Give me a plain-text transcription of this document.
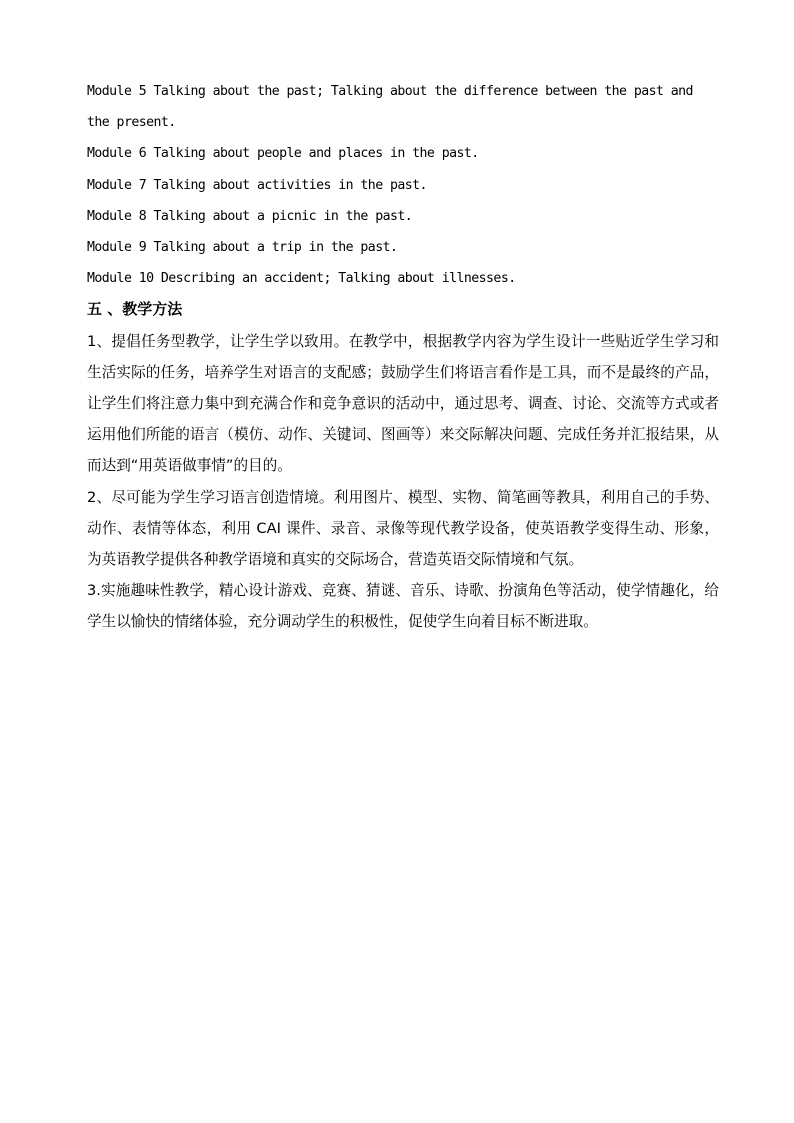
Module 5 Talking about the past; Talking about the difference between the past and the present.

Module 6 Talking about people and places in the past.

Module 7 Talking about activities in the past.

Module 8 Talking about a picnic in the past.

Module 9 Talking about a trip in the past.

Module 10 Describing an accident; Talking about illnesses.

五 、教学方法

1、提倡任务型教学，让学生学以致用。在教学中，根据教学内容为学生设计一些贴近学生学习和生活实际的任务，培养学生对语言的支配感；鼓励学生们将语言看作是工具，而不是最终的产品，让学生们将注意力集中到充满合作和竞争意识的活动中，通过思考、调查、讨论、交流等方式或者运用他们所能的语言（模仿、动作、关键词、图画等）来交际解决问题、完成任务并汇报结果，从而达到“用英语做事情”的目的。

2、尽可能为学生学习语言创造情境。利用图片、模型、实物、简笔画等教具，利用自己的手势、动作、表情等体态，利用 CAI 课件、录音、录像等现代教学设备，使英语教学变得生动、形象，为英语教学提供各种教学语境和真实的交际场合，营造英语交际情境和气氛。

3.实施趣味性教学，精心设计游戏、竞赛、猜谜、音乐、诗歌、扮演角色等活动，使学情趣化，给学生以愉快的情绪体验，充分调动学生的积极性，促使学生向着目标不断进取。
